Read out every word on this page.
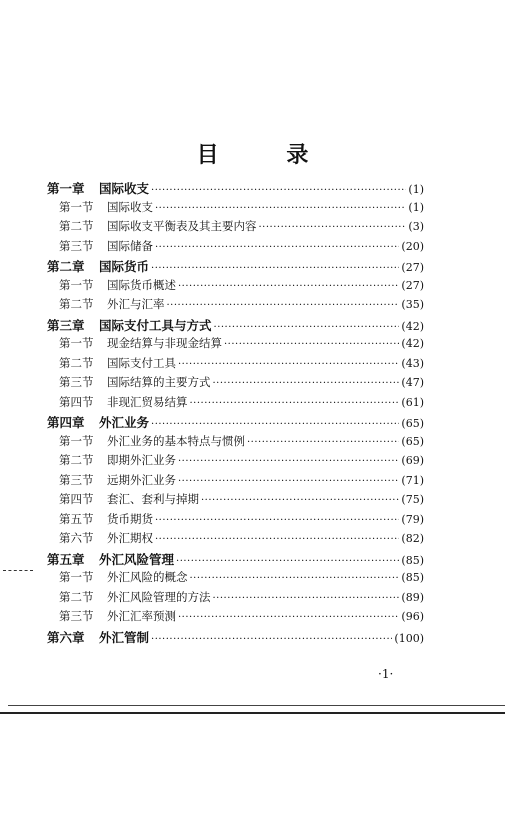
目 录
第一章	国际收支 ·····	(1)
第一节	国际收支 ·····	(1)
第二节	国际收支平衡表及其主要内容 ·····	(3)
第三节	国际储备 ·····	(20)
第二章	国际货币 ·····	(27)
第一节	国际货币概述 ·····	(27)
第二节	外汇与汇率 ·····	(35)
第三章	国际支付工具与方式 ·····	(42)
第一节	现金结算与非现金结算 ·····	(42)
第二节	国际支付工具 ·····	(43)
第三节	国际结算的主要方式 ·····	(47)
第四节	非现汇贸易结算 ·····	(61)
第四章	外汇业务 ·····	(65)
第一节	外汇业务的基本特点与惯例 ·····	(65)
第二节	即期外汇业务 ·····	(69)
第三节	远期外汇业务 ·····	(71)
第四节	套汇、套利与掉期 ·····	(75)
第五节	货币期货 ·····	(79)
第六节	外汇期权 ·····	(82)
第五章	外汇风险管理 ·····	(85)
第一节	外汇风险的概念 ·····	(85)
第二节	外汇风险管理的方法 ·····	(89)
第三节	外汇汇率预测 ·····	(96)
第六章	外汇管制 ·····	(100)
·1·
